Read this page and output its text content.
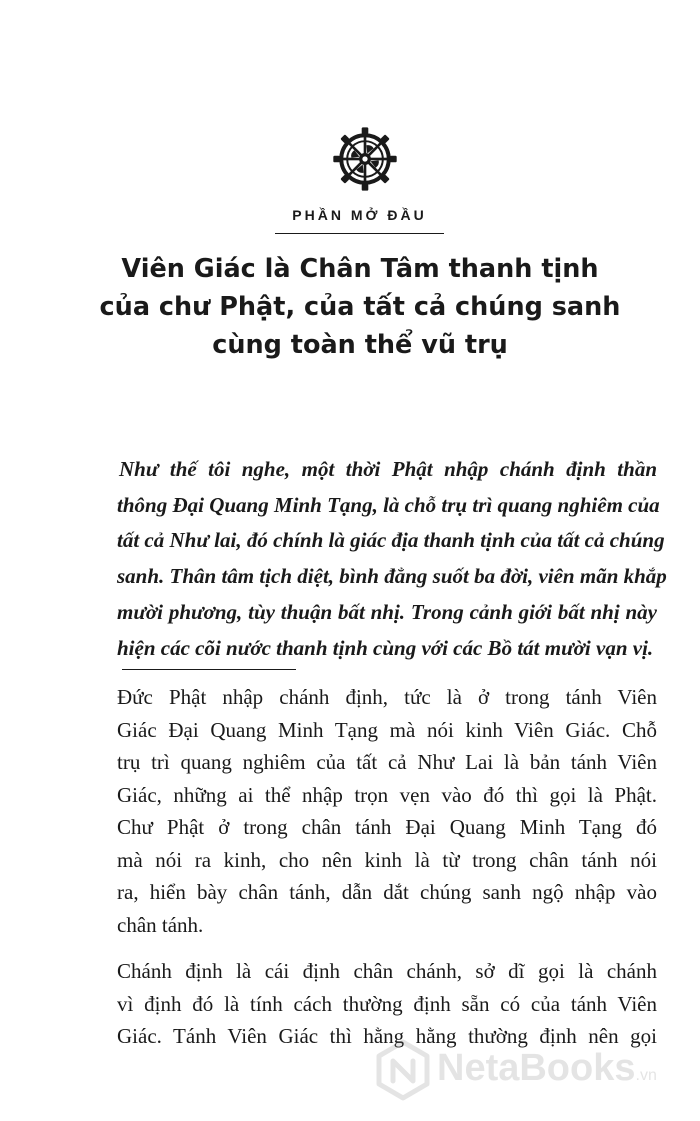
PHẦN MỞ ĐẦU
Viên Giác là Chân Tâm thanh tịnh
của chư Phật, của tất cả chúng sanh
cùng toàn thể vũ trụ
Như thế tôi nghe, một thời Phật nhập chánh định thần
thông Đại Quang Minh Tạng, là chỗ trụ trì quang nghiêm của
tất cả Như lai, đó chính là giác địa thanh tịnh của tất cả chúng
sanh. Thân tâm tịch diệt, bình đẳng suốt ba đời, viên mãn khắp
mười phương, tùy thuận bất nhị. Trong cảnh giới bất nhị này
hiện các cõi nước thanh tịnh cùng với các Bồ tát mười vạn vị.
Đức Phật nhập chánh định, tức là ở trong tánh Viên
Giác Đại Quang Minh Tạng mà nói kinh Viên Giác. Chỗ
trụ trì quang nghiêm của tất cả Như Lai là bản tánh Viên
Giác, những ai thể nhập trọn vẹn vào đó thì gọi là Phật.
Chư Phật ở trong chân tánh Đại Quang Minh Tạng đó
mà nói ra kinh, cho nên kinh là từ trong chân tánh nói
ra, hiển bày chân tánh, dẫn dắt chúng sanh ngộ nhập vào
chân tánh.
Chánh định là cái định chân chánh, sở dĩ gọi là chánh
vì định đó là tính cách thường định sẵn có của tánh Viên
Giác. Tánh Viên Giác thì hằng hằng thường định nên gọi
NetaBooks.vn
